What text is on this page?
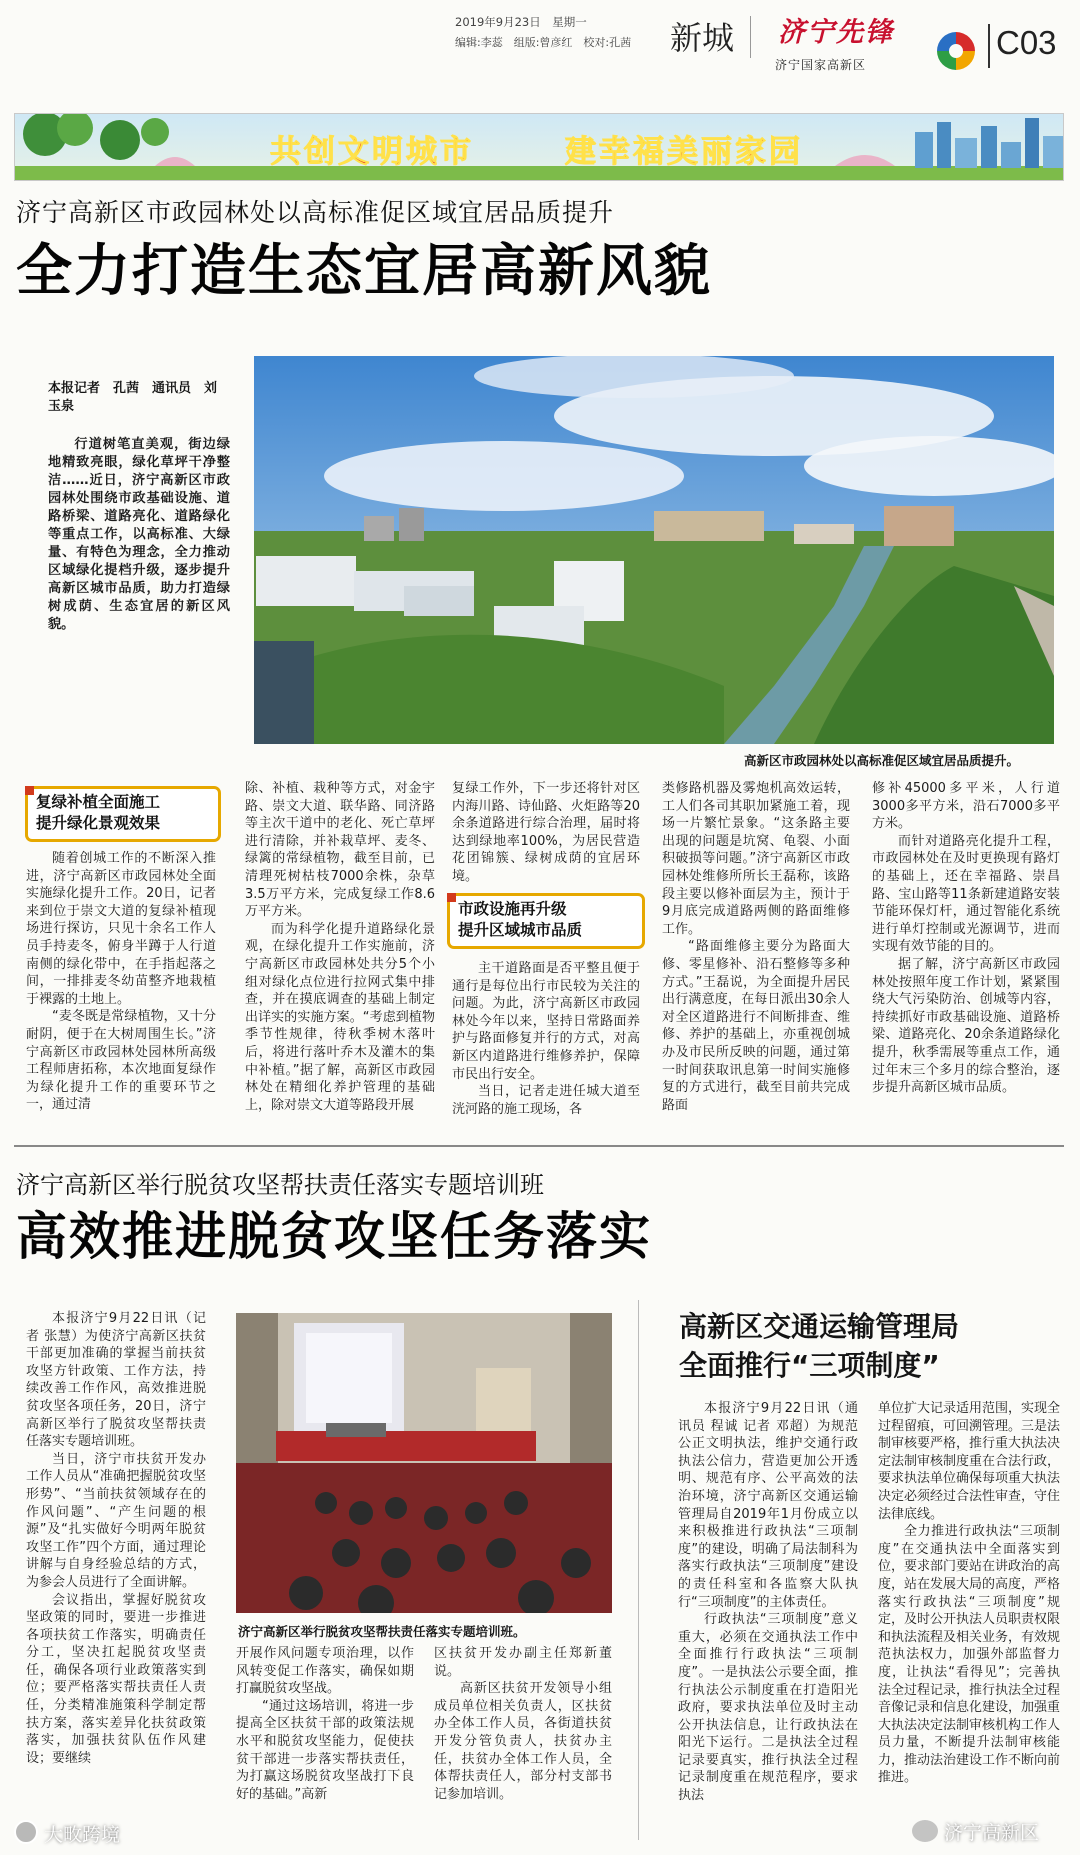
2019年9月23日　星期一
编辑:李蕊　组版:曾彦红　校对:孔茜	新城 济宁先锋
济宁国家高新区
C03
共创文明城市	建幸福美丽家园
济宁高新区市政园林处以高标准促区域宜居品质提升
全力打造生态宜居高新风貌
本报记者　孔茜　通讯员　刘玉泉

行道树笔直美观，街边绿地精致亮眼，绿化草坪干净整洁……近日，济宁高新区市政园林处围绕市政基础设施、道路桥梁、道路亮化、道路绿化等重点工作，以高标准、大绿量、有特色为理念，全力推动区域绿化提档升级，逐步提升高新区城市品质，助力打造绿树成荫、生态宜居的新区风貌。

高新区市政园林处以高标准促区域宜居品质提升。
复绿补植全面施工
提升绿化景观效果

随着创城工作的不断深入推进，济宁高新区市政园林处全面实施绿化提升工作。20日，记者来到位于崇文大道的复绿补植现场进行探访，只见十余名工作人员手持麦冬，俯身半蹲于人行道南侧的绿化带中，在手指起落之间，一排排麦冬幼苗整齐地栽植于裸露的土地上。

“麦冬既是常绿植物，又十分耐阴，便于在大树周围生长。”济宁高新区市政园林处园林所高级工程师唐拓称，本次地面复绿作为绿化提升工作的重要环节之一，通过清

除、补植、栽种等方式，对金宇路、崇文大道、联华路、同济路等主次干道中的老化、死亡草坪进行清除，并补栽草坪、麦冬、绿篱的常绿植物，截至目前，已清理死树枯枝7000余株，杂草3.5万平方米，完成复绿工作8.6万平方米。

而为科学化提升道路绿化景观，在绿化提升工作实施前，济宁高新区市政园林处共分5个小组对绿化点位进行拉网式集中排查，并在摸底调查的基础上制定出详实的实施方案。“考虑到植物季节性规律，待秋季树木落叶后，将进行落叶乔木及灌木的集中补植。”据了解，高新区市政园林处在精细化养护管理的基础上，除对崇文大道等路段开展

复绿工作外，下一步还将针对区内海川路、诗仙路、火炬路等20余条道路进行综合治理，届时将达到绿地率100%，为居民营造花团锦簇、绿树成荫的宜居环境。

市政设施再升级
提升区域城市品质

主干道路面是否平整且便于通行是每位出行市民较为关注的问题。为此，济宁高新区市政园林处今年以来，坚持日常路面养护与路面修复并行的方式，对高新区内道路进行维修养护，保障市民出行安全。

当日，记者走进任城大道至洸河路的施工现场，各

类修路机器及雾炮机高效运转，工人们各司其职加紧施工着，现场一片繁忙景象。“这条路主要出现的问题是坑窝、龟裂、小面积破损等问题。”济宁高新区市政园林处维修所所长王磊称，该路段主要以修补面层为主，预计于9月底完成道路两侧的路面维修工作。

“路面维修主要分为路面大修、零星修补、沿石整修等多种方式。”王磊说，为全面提升居民出行满意度，在每日派出30余人对全区道路进行不间断排查、维修、养护的基础上，亦重视创城办及市民所反映的问题，通过第一时间获取讯息第一时间实施修复的方式进行，截至目前共完成路面

修补45000多平米，人行道3000多平方米，沿石7000多平方米。

而针对道路亮化提升工程，市政园林处在及时更换现有路灯的基础上，还在幸福路、崇昌路、宝山路等11条新建道路安装节能环保灯杆，通过智能化系统进行单灯控制或光源调节，进而实现有效节能的目的。

据了解，济宁高新区市政园林处按照年度工作计划，紧紧围绕大气污染防治、创城等内容，持续抓好市政基础设施、道路桥梁、道路亮化、20余条道路绿化提升，秋季需展等重点工作，通过年末三个多月的综合整治，逐步提升高新区城市品质。

济宁高新区举行脱贫攻坚帮扶责任落实专题培训班
高效推进脱贫攻坚任务落实

本报济宁9月22日讯（记者 张慧）为使济宁高新区扶贫干部更加准确的掌握当前扶贫攻坚方针政策、工作方法，持续改善工作作风，高效推进脱贫攻坚各项任务，20日，济宁高新区举行了脱贫攻坚帮扶责任落实专题培训班。

当日，济宁市扶贫开发办工作人员从“准确把握脱贫攻坚形势”、“当前扶贫领域存在的作风问题”、“产生问题的根源”及“扎实做好今明两年脱贫攻坚工作”四个方面，通过理论讲解与自身经验总结的方式，为参会人员进行了全面讲解。

会议指出，掌握好脱贫攻坚政策的同时，要进一步推进各项扶贫工作落实，明确责任分工，坚决扛起脱贫攻坚责任，确保各项行业政策落实到位；要严格落实帮扶责任人责任，分类精准施策科学制定帮扶方案，落实差异化扶贫政策落实，加强扶贫队伍作风建设；要继续

济宁高新区举行脱贫攻坚帮扶责任落实专题培训班。

开展作风问题专项治理，以作风转变促工作落实，确保如期打赢脱贫攻坚战。

“通过这场培训，将进一步提高全区扶贫干部的政策法规水平和脱贫攻坚能力，促使扶贫干部进一步落实帮扶责任，为打赢这场脱贫攻坚战打下良好的基础。”高新

区扶贫开发办副主任郑新董说。

高新区扶贫开发领导小组成员单位相关负责人，区扶贫办全体工作人员，各街道扶贫开发分管负责人，扶贫办主任，扶贫办全体工作人员，全体帮扶责任人，部分村支部书记参加培训。

高新区交通运输管理局
全面推行“三项制度”

本报济宁9月22日讯（通讯员 程诚 记者 邓超）为规范公正文明执法，维护交通行政执法公信力，营造更加公开透明、规范有序、公平高效的法治环境，济宁高新区交通运输管理局自2019年1月份成立以来积极推进行政执法“三项制度”的建设，明确了局法制科为落实行政执法“三项制度”建设的责任科室和各监察大队执行“三项制度”的主体责任。

行政执法“三项制度”意义重大，必须在交通执法工作中全面推行行政执法“三项制度”。一是执法公示要全面，推行执法公示制度重在打造阳光政府，要求执法单位及时主动公开执法信息，让行政执法在阳光下运行。二是执法全过程记录要真实，推行执法全过程记录制度重在规范程序，要求执法

单位扩大记录适用范围，实现全过程留痕，可回溯管理。三是法制审核要严格，推行重大执法决定法制审核制度重在合法行政，要求执法单位确保每项重大执法决定必须经过合法性审查，守住法律底线。

全力推进行政执法“三项制度”在交通执法中全面落实到位，要求部门要站在讲政治的高度，站在发展大局的高度，严格落实行政执法“三项制度”规定，及时公开执法人员职责权限和执法流程及相关业务，有效规范执法权力，加强外部监督力度，让执法“看得见”；完善执法全过程记录，推行执法全过程音像记录和信息化建设，加强重大执法决定法制审核机构工作人员力量，不断提升法制审核能力，推动法治建设工作不断向前推进。

大畋跨境	济宁高新区
